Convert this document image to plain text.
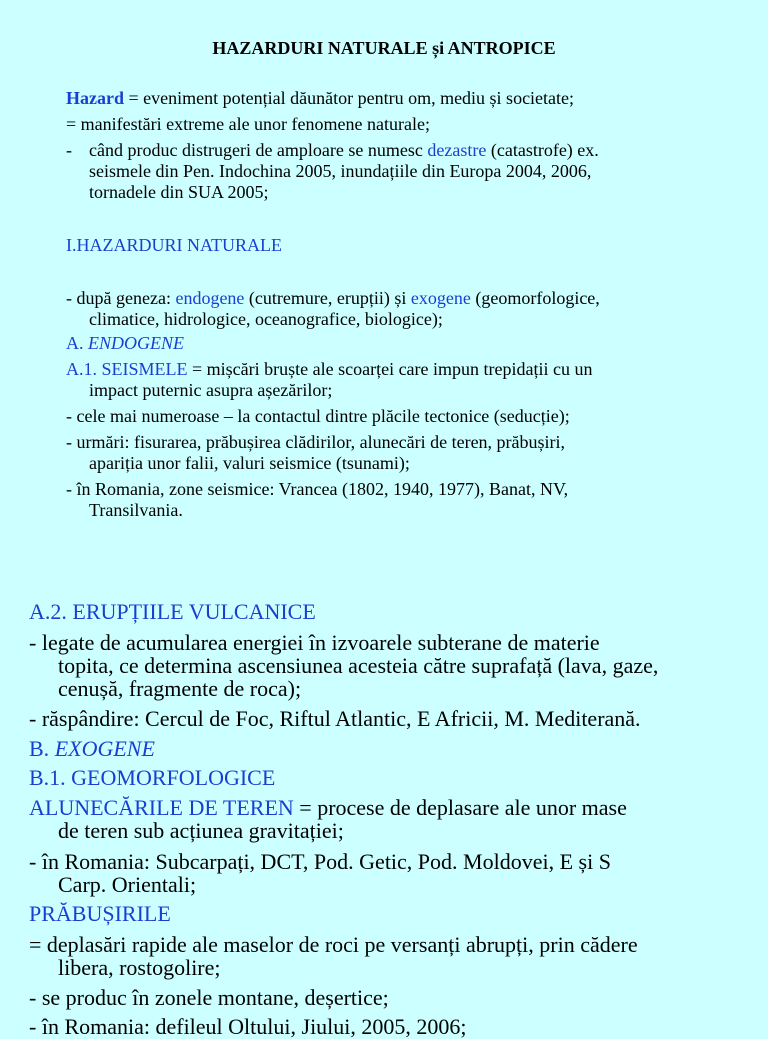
HAZARDURI NATURALE și ANTROPICE
Hazard = eveniment potențial dăunător pentru om, mediu și societate;
= manifestări extreme ale unor fenomene naturale;
- când produc distrugeri de amploare se numesc dezastre (catastrofe) ex.
seismele din Pen. Indochina 2005, inundațiile din Europa 2004, 2006,
tornadele din SUA 2005;
I.HAZARDURI NATURALE
- după geneza: endogene (cutremure, erupții) și exogene (geomorfologice,
climatice, hidrologice, oceanografice, biologice);
A. ENDOGENE
A.1. SEISMELE = mișcări bruște ale scoarței care impun trepidații cu un
impact puternic asupra așezărilor;
- cele mai numeroase – la contactul dintre plăcile tectonice (seducție);
- urmări: fisurarea, prăbușirea clădirilor, alunecări de teren, prăbușiri,
apariția unor falii, valuri seismice (tsunami);
- în Romania, zone seismice: Vrancea (1802, 1940, 1977), Banat, NV,
Transilvania.
A.2. ERUPȚIILE VULCANICE
- legate de acumularea energiei în izvoarele subterane de materie
topita, ce determina ascensiunea acesteia către suprafață (lava, gaze,
cenușă, fragmente de roca);
- răspândire: Cercul de Foc, Riftul Atlantic, E Africii, M. Mediterană.
B. EXOGENE
B.1. GEOMORFOLOGICE
ALUNECĂRILE DE TEREN = procese de deplasare ale unor mase
de teren sub acțiunea gravitației;
- în Romania: Subcarpați, DCT, Pod. Getic, Pod. Moldovei, E și S
Carp. Orientali;
PRĂBUȘIRILE
= deplasări rapide ale maselor de roci pe versanți abrupți, prin cădere
libera, rostogolire;
- se produc în zonele montane, deșertice;
- în Romania: defileul Oltului, Jiului, 2005, 2006;
